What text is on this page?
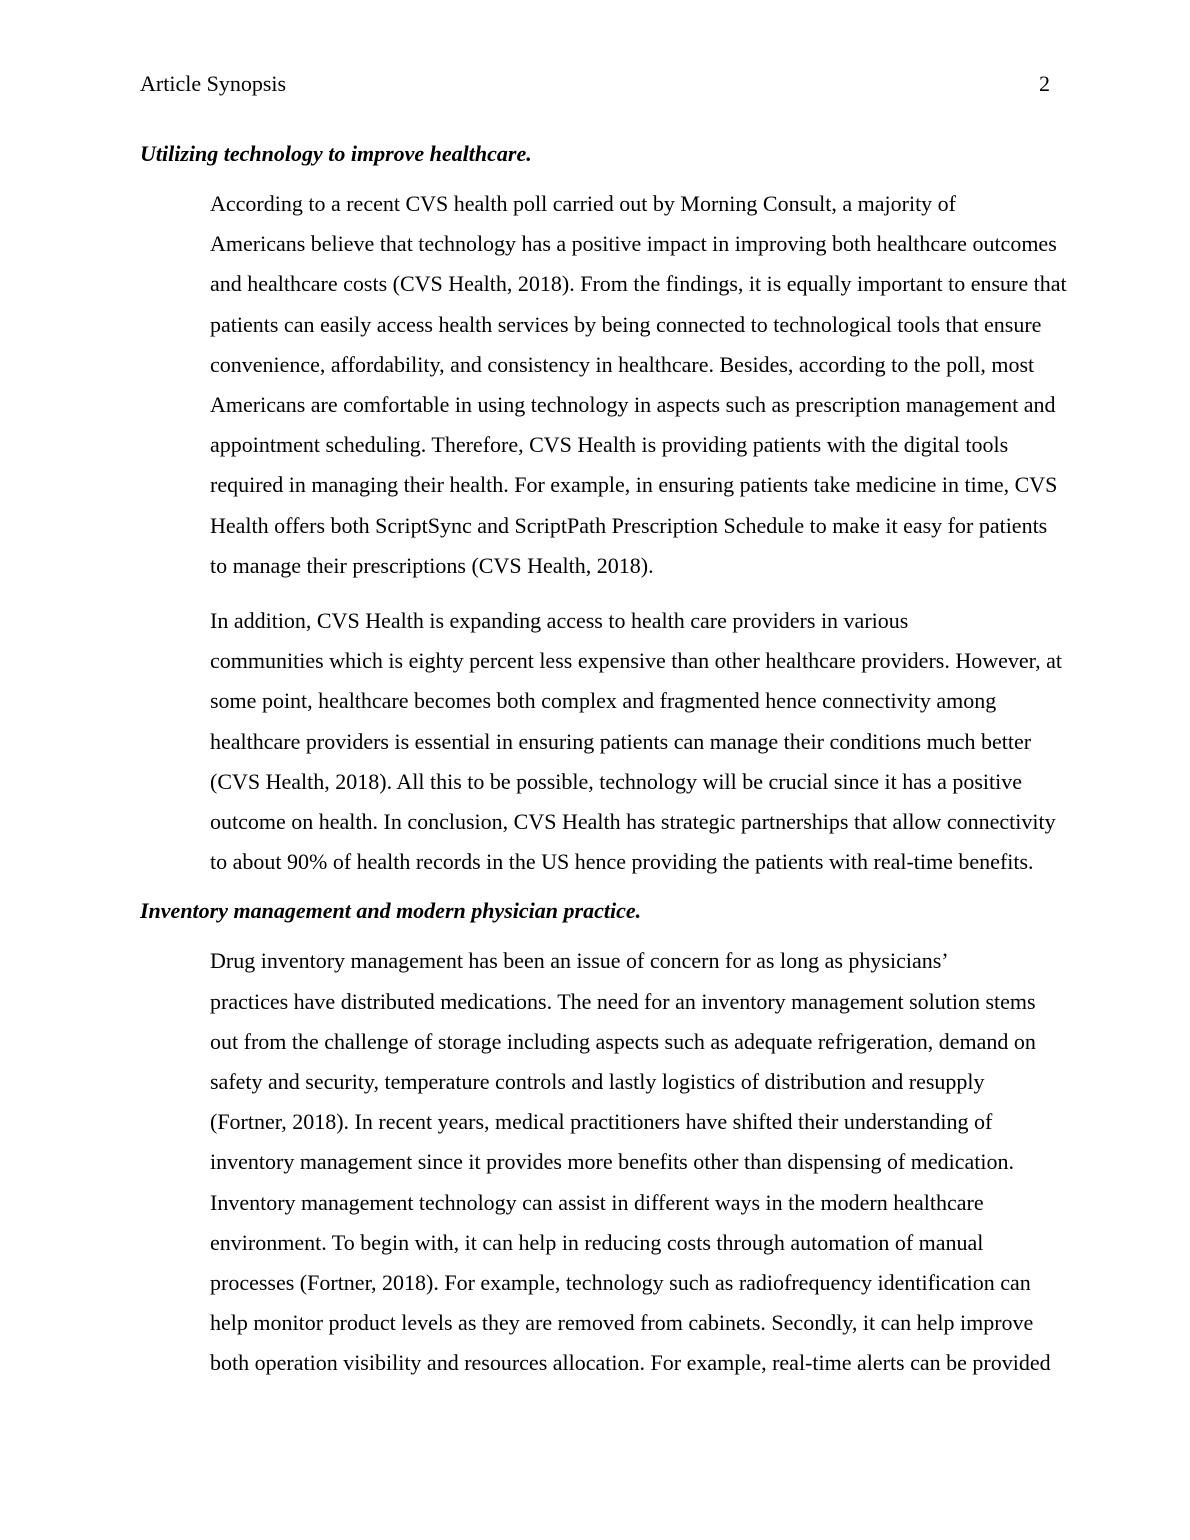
Article Synopsis	2
Utilizing technology to improve healthcare.
According to a recent CVS health poll carried out by Morning Consult, a majority of
Americans believe that technology has a positive impact in improving both healthcare outcomes
and healthcare costs (CVS Health, 2018). From the findings, it is equally important to ensure that
patients can easily access health services by being connected to technological tools that ensure
convenience, affordability, and consistency in healthcare. Besides, according to the poll, most
Americans are comfortable in using technology in aspects such as prescription management and
appointment scheduling. Therefore, CVS Health is providing patients with the digital tools
required in managing their health. For example, in ensuring patients take medicine in time, CVS
Health offers both ScriptSync and ScriptPath Prescription Schedule to make it easy for patients
to manage their prescriptions (CVS Health, 2018).
In addition, CVS Health is expanding access to health care providers in various
communities which is eighty percent less expensive than other healthcare providers. However, at
some point, healthcare becomes both complex and fragmented hence connectivity among
healthcare providers is essential in ensuring patients can manage their conditions much better
(CVS Health, 2018). All this to be possible, technology will be crucial since it has a positive
outcome on health. In conclusion, CVS Health has strategic partnerships that allow connectivity
to about 90% of health records in the US hence providing the patients with real-time benefits.
Inventory management and modern physician practice.
Drug inventory management has been an issue of concern for as long as physicians’
practices have distributed medications. The need for an inventory management solution stems
out from the challenge of storage including aspects such as adequate refrigeration, demand on
safety and security, temperature controls and lastly logistics of distribution and resupply
(Fortner, 2018). In recent years, medical practitioners have shifted their understanding of
inventory management since it provides more benefits other than dispensing of medication.
Inventory management technology can assist in different ways in the modern healthcare
environment. To begin with, it can help in reducing costs through automation of manual
processes (Fortner, 2018). For example, technology such as radiofrequency identification can
help monitor product levels as they are removed from cabinets. Secondly, it can help improve
both operation visibility and resources allocation. For example, real-time alerts can be provided
